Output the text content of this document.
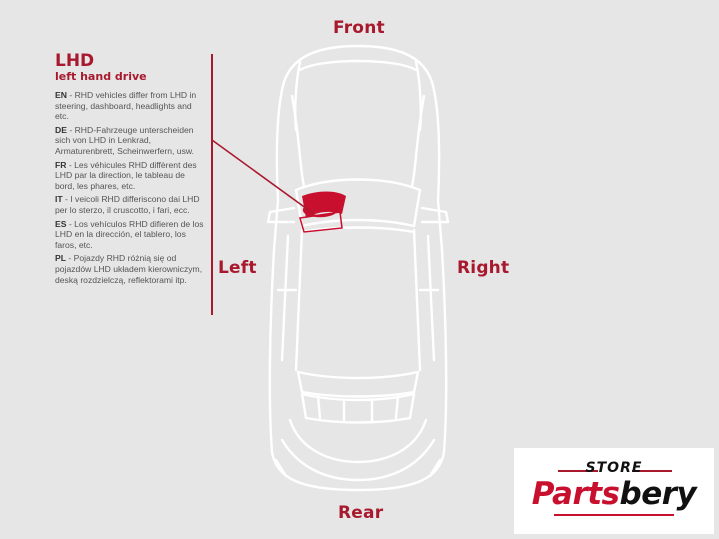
Front
Left	Right
Rear
LHD
left hand drive
EN - RHD vehicles differ from LHD in steering, dashboard, headlights and etc.
DE - RHD-Fahrzeuge unterscheiden sich von LHD in Lenkrad, Armaturenbrett, Scheinwerfern, usw.
FR - Les véhicules RHD diffèrent des LHD par la direction, le tableau de bord, les phares, etc.
IT - I veicoli RHD differiscono dai LHD per lo sterzo, il cruscotto, i fari, ecc.
ES - Los vehículos RHD difieren de los LHD en la dirección, el tablero, los faros, etc.
PL - Pojazdy RHD różnią się od pojazdów LHD układem kierowniczym, deską rozdzielczą, reflektorami itp.
STORE
Partsbery
